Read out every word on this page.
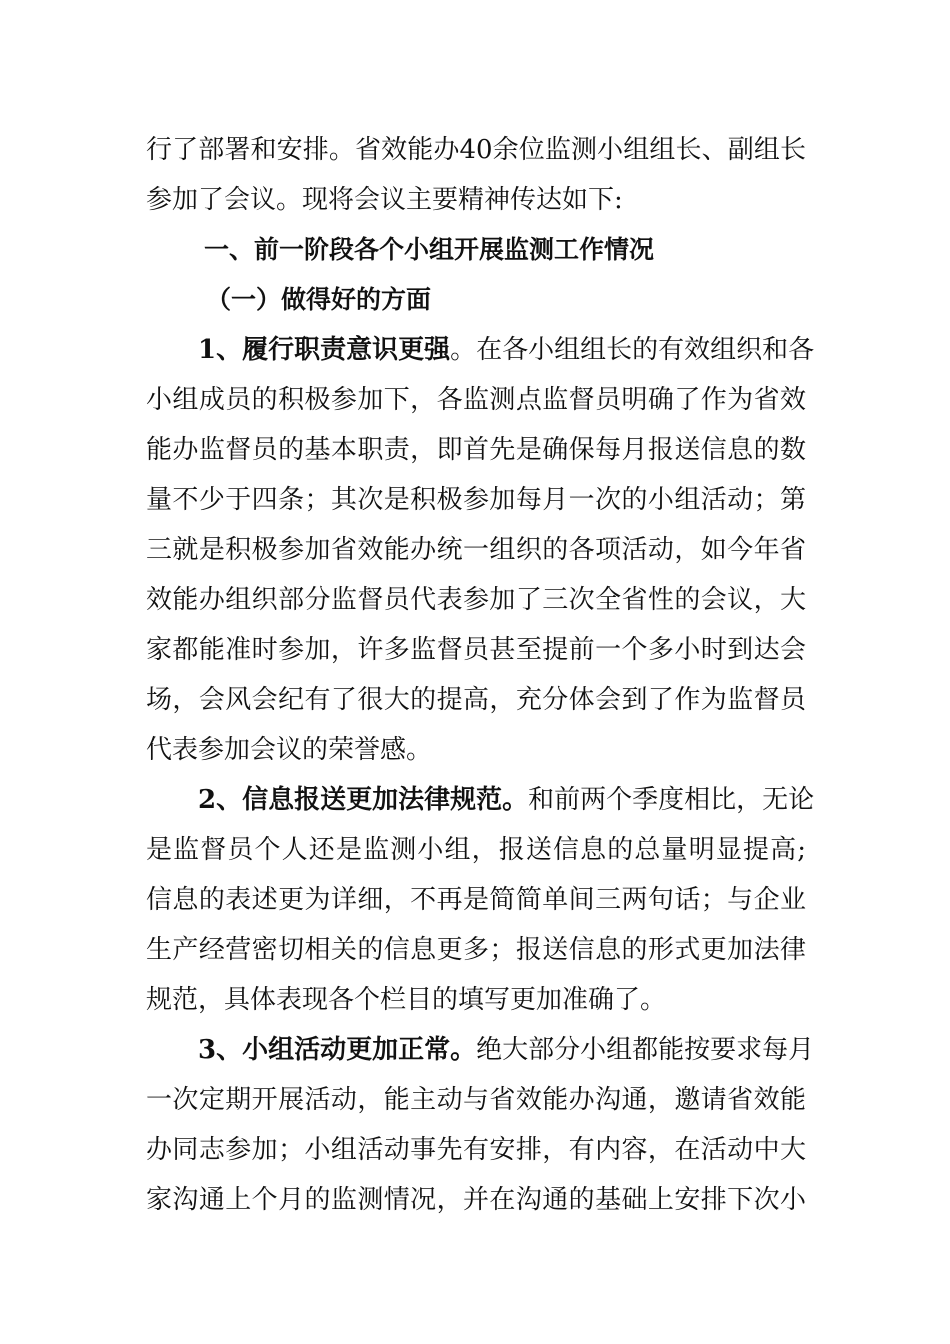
行了部署和安排。省效能办40余位监测小组组长、副组长
参加了会议。现将会议主要精神传达如下:
一、前一阶段各个小组开展监测工作情况
（一）做得好的方面
1、履行职责意识更强。在各小组组长的有效组织和各
小组成员的积极参加下，各监测点监督员明确了作为省效
能办监督员的基本职责，即首先是确保每月报送信息的数
量不少于四条；其次是积极参加每月一次的小组活动；第
三就是积极参加省效能办统一组织的各项活动，如今年省
效能办组织部分监督员代表参加了三次全省性的会议，大
家都能准时参加，许多监督员甚至提前一个多小时到达会
场，会风会纪有了很大的提高，充分体会到了作为监督员
代表参加会议的荣誉感。
2、信息报送更加法律规范。和前两个季度相比，无论
是监督员个人还是监测小组，报送信息的总量明显提高;
信息的表述更为详细，不再是简简单间三两句话；与企业
生产经营密切相关的信息更多；报送信息的形式更加法律
规范，具体表现各个栏目的填写更加准确了。
3、小组活动更加正常。绝大部分小组都能按要求每月
一次定期开展活动，能主动与省效能办沟通，邀请省效能
办同志参加；小组活动事先有安排，有内容，在活动中大
家沟通上个月的监测情况，并在沟通的基础上安排下次小
